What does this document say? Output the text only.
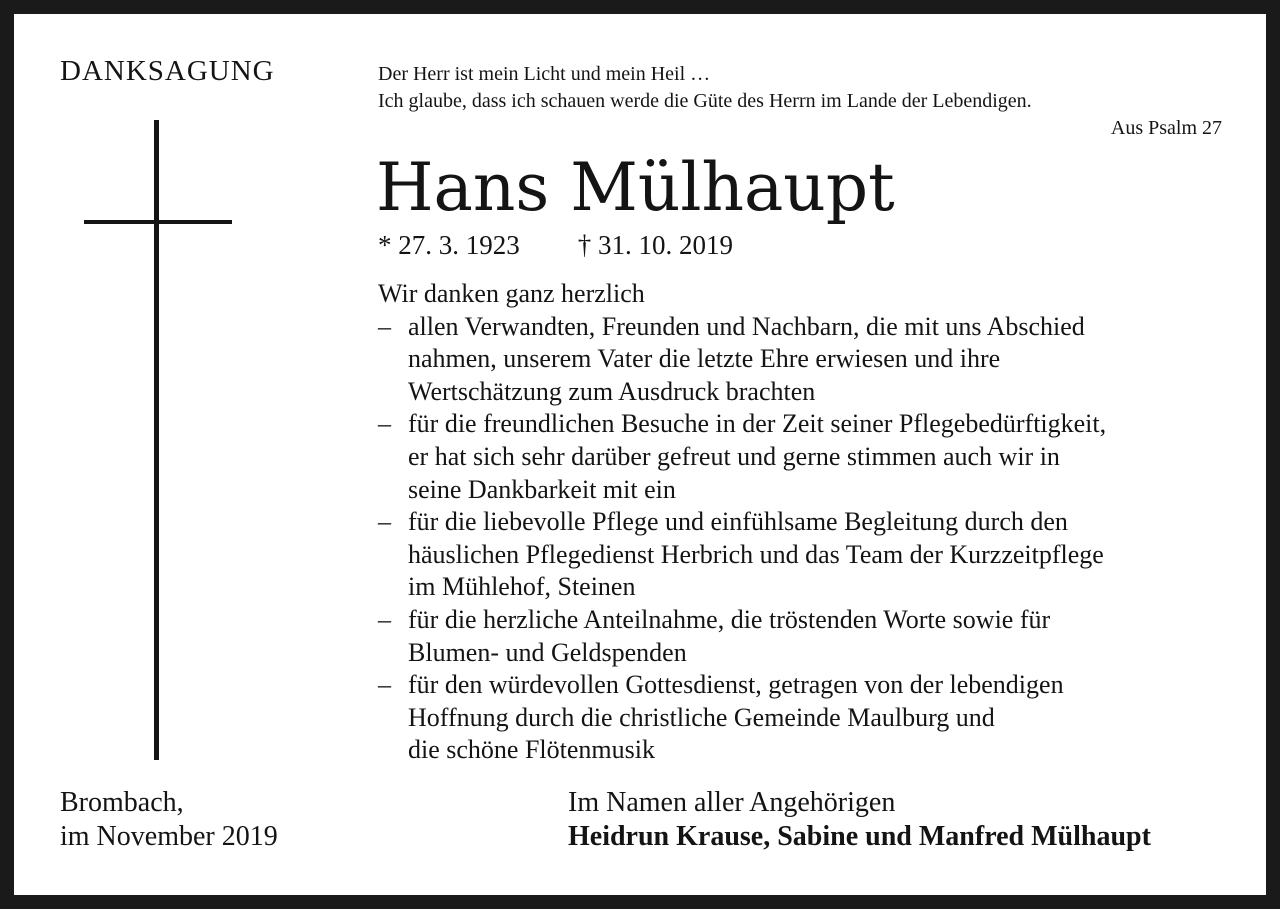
DANKSAGUNG	Der Herr ist mein Licht und mein Heil …
Ich glaube, dass ich schauen werde die Güte des Herrn im Lande der Lebendigen.
Aus Psalm 27
Hans Mülhaupt
* 27. 3. 1923 † 31. 10. 2019
Wir danken ganz herzlich
– allen Verwandten, Freunden und Nachbarn, die mit uns Abschied
nahmen, unserem Vater die letzte Ehre erwiesen und ihre
Wertschätzung zum Ausdruck brachten
– für die freundlichen Besuche in der Zeit seiner Pflegebedürftigkeit,
er hat sich sehr darüber gefreut und gerne stimmen auch wir in
seine Dankbarkeit mit ein
– für die liebevolle Pflege und einfühlsame Begleitung durch den
häuslichen Pflegedienst Herbrich und das Team der Kurzzeitpflege
im Mühlehof, Steinen
– für die herzliche Anteilnahme, die tröstenden Worte sowie für
Blumen- und Geldspenden
– für den würdevollen Gottesdienst, getragen von der lebendigen
Hoffnung durch die christliche Gemeinde Maulburg und
die schöne Flötenmusik
Brombach,
im November 2019
Im Namen aller Angehörigen
Heidrun Krause, Sabine und Manfred Mülhaupt
